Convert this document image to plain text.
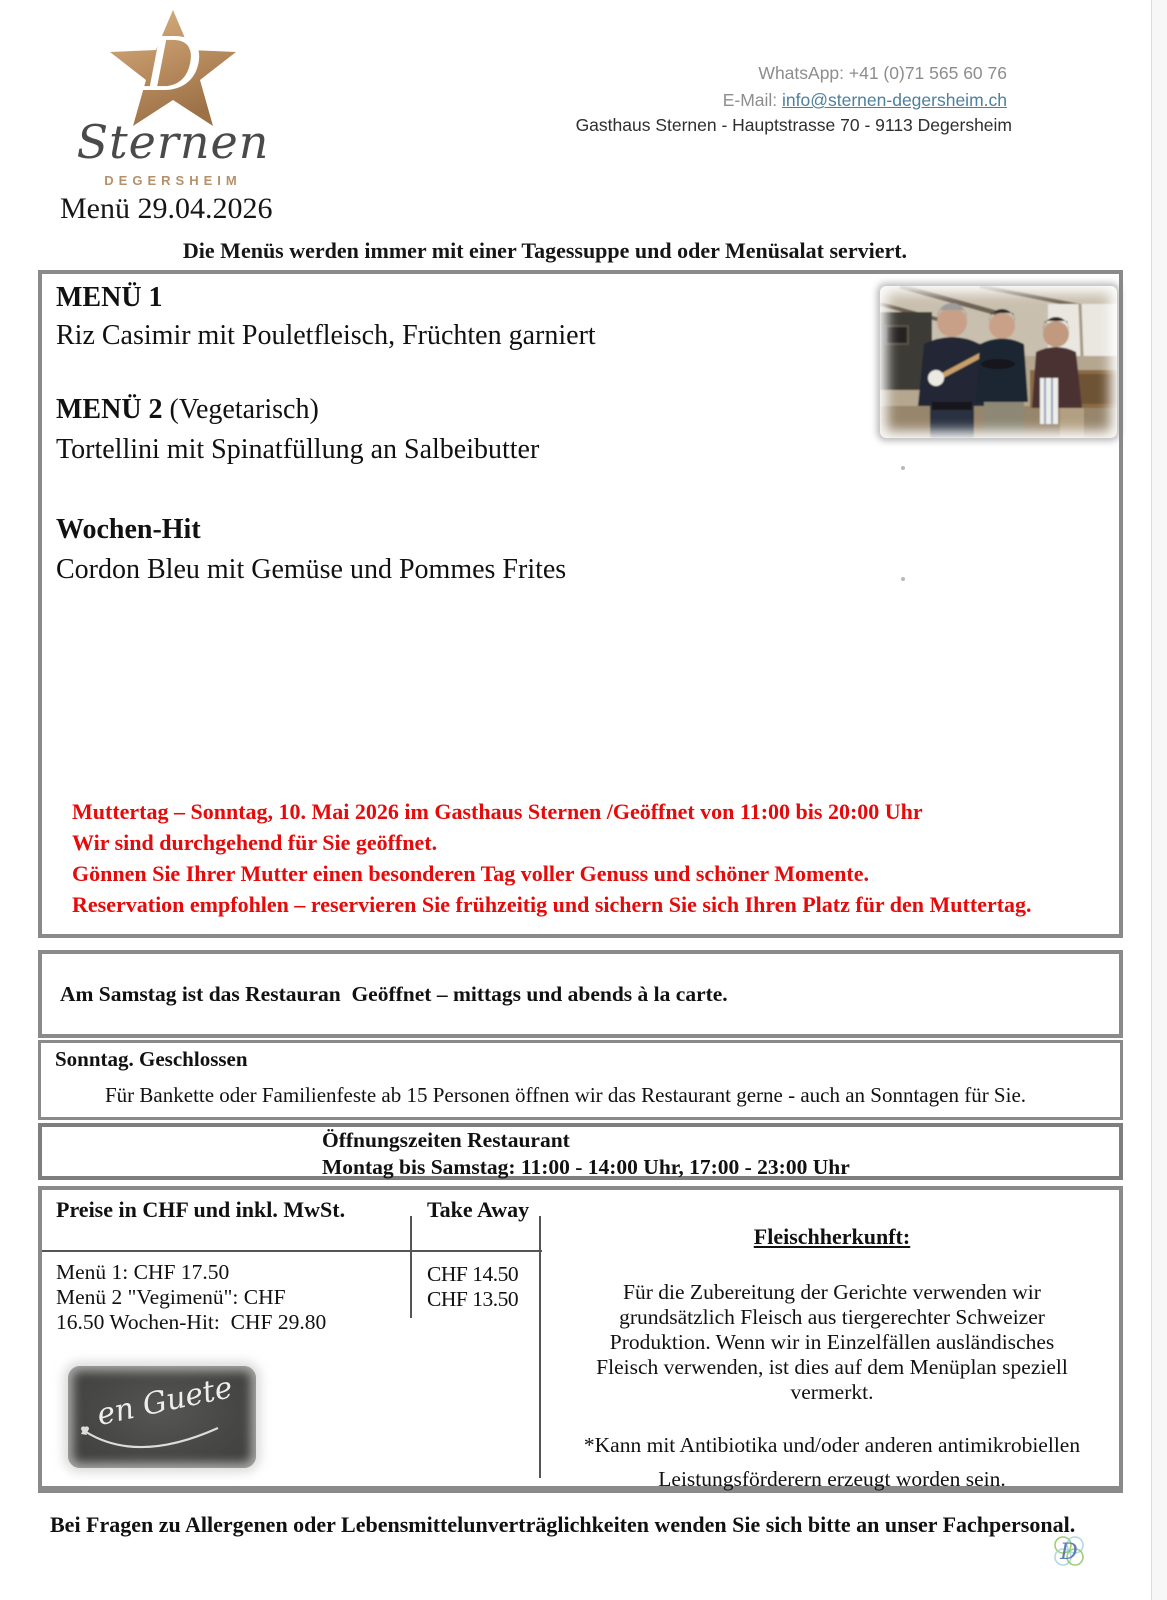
D
Sternen
DEGERSHEIM
WhatsApp: +41 (0)71 565 60 76
E-Mail: info@sternen-degersheim.ch
Gasthaus Sternen - Hauptstrasse 70 - 9113 Degersheim
Menü 29.04.2026
Die Menüs werden immer mit einer Tagessuppe und oder Menüsalat serviert.
MENÜ 1
Riz Casimir mit Pouletfleisch, Früchten garniert
MENÜ 2 (Vegetarisch)
Tortellini mit Spinatfüllung an Salbeibutter
Wochen-Hit
Cordon Bleu mit Gemüse und Pommes Frites
Muttertag – Sonntag, 10. Mai 2026 im Gasthaus Sternen /Geöffnet von 11:00 bis 20:00 Uhr
Wir sind durchgehend für Sie geöffnet.
Gönnen Sie Ihrer Mutter einen besonderen Tag voller Genuss und schöner Momente.
Reservation empfohlen – reservieren Sie frühzeitig und sichern Sie sich Ihren Platz für den Muttertag.
Am Samstag ist das Restauran  Geöffnet – mittags und abends à la carte.
Sonntag. Geschlossen
Für Bankette oder Familienfeste ab 15 Personen öffnen wir das Restaurant gerne - auch an Sonntagen für Sie.
Öffnungszeiten Restaurant
Montag bis Samstag: 11:00 - 14:00 Uhr, 17:00 - 23:00 Uhr
Preise in CHF und inkl. MwSt.	Take Away
Menü 1: CHF 17.50
Menü 2 "Vegimenü": CHF
16.50 Wochen-Hit:  CHF 29.80
CHF 14.50
CHF 13.50
en Guete
Fleischherkunft:
Für die Zubereitung der Gerichte verwenden wir
grundsätzlich Fleisch aus tiergerechter Schweizer
Produktion. Wenn wir in Einzelfällen ausländisches
Fleisch verwenden, ist dies auf dem Menüplan speziell
vermerkt.
*Kann mit Antibiotika und/oder anderen antimikrobiellen
Leistungsförderern erzeugt worden sein.
Bei Fragen zu Allergenen oder Lebensmittelunverträglichkeiten wenden Sie sich bitte an unser Fachpersonal.
D
